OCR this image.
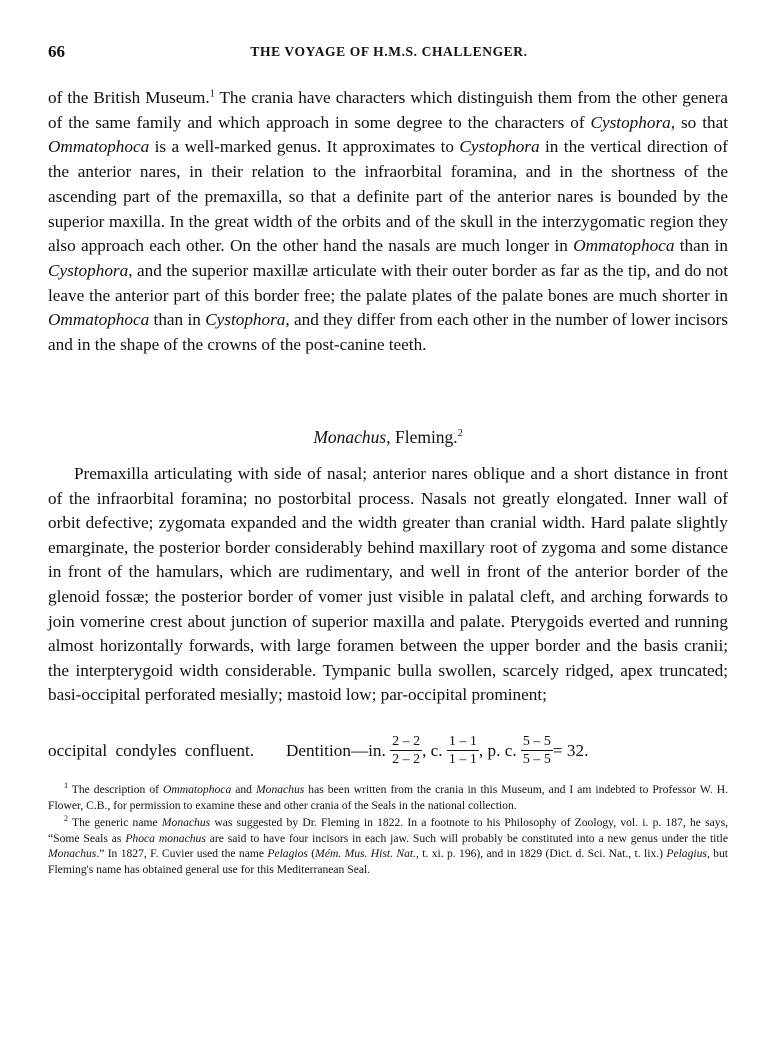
66	THE VOYAGE OF H.M.S. CHALLENGER.

of the British Museum.$^1$ The crania have characters which distinguish them from the other genera of the same family and which approach in some degree to the characters of Cystophora, so that Ommatophoca is a well-marked genus. It approximates to Cystophora in the vertical direction of the anterior nares, in their relation to the infraorbital foramina, and in the shortness of the ascending part of the premaxilla, so that a definite part of the anterior nares is bounded by the superior maxilla. In the great width of the orbits and of the skull in the interzygomatic region they also approach each other. On the other hand the nasals are much longer in Ommatophoca than in Cystophora, and the superior maxillæ articulate with their outer border as far as the tip, and do not leave the anterior part of this border free; the palate plates of the palate bones are much shorter in Ommatophoca than in Cystophora, and they differ from each other in the number of lower incisors and in the shape of the crowns of the post-canine teeth.

Monachus, Fleming.$^2$

Premaxilla articulating with side of nasal; anterior nares oblique and a short distance in front of the infraorbital foramina; no postorbital process. Nasals not greatly elongated. Inner wall of orbit defective; zygomata expanded and the width greater than cranial width. Hard palate slightly emarginate, the posterior border considerably behind maxillary root of zygoma and some distance in front of the hamulars, which are rudimentary, and well in front of the anterior border of the glenoid fossæ; the posterior border of vomer just visible in palatal cleft, and arching forwards to join vomerine crest about junction of superior maxilla and palate. Pterygoids everted and running almost horizontally forwards, with large foramen between the upper border and the basis cranii; the interpterygoid width considerable. Tympanic bulla swollen, scarcely ridged, apex truncated; basi-occipital perforated mesially; mastoid low; par-occipital prominent;

occipital condyles confluent. Dentition—in. $\frac{2 - 2}{2 - 2}$ , c. $\frac{1 - 1}{1 - 1}$ , p. c. $\frac{5 - 5}{5 - 5} = 32$.

$^1$ The description of Ommatophoca and Monachus has been written from the crania in this Museum, and I am indebted to Professor W. H. Flower, C.B., for permission to examine these and other crania of the Seals in the national collection.

$^2$ The generic name Monachus was suggested by Dr. Fleming in 1822. In a footnote to his Philosophy of Zoology, vol. i. p. 187, he says, “Some Seals as Phoca monachus are said to have four incisors in each jaw. Such will probably be constituted into a new genus under the title Monachus.” In 1827, F. Cuvier used the name Pelagios (Mém. Mus. Hist. Nat., t. xi. p. 196), and in 1829 (Dict. d. Sci. Nat., t. lix.) Pelagius, but Fleming's name has obtained general use for this Mediterranean Seal.
